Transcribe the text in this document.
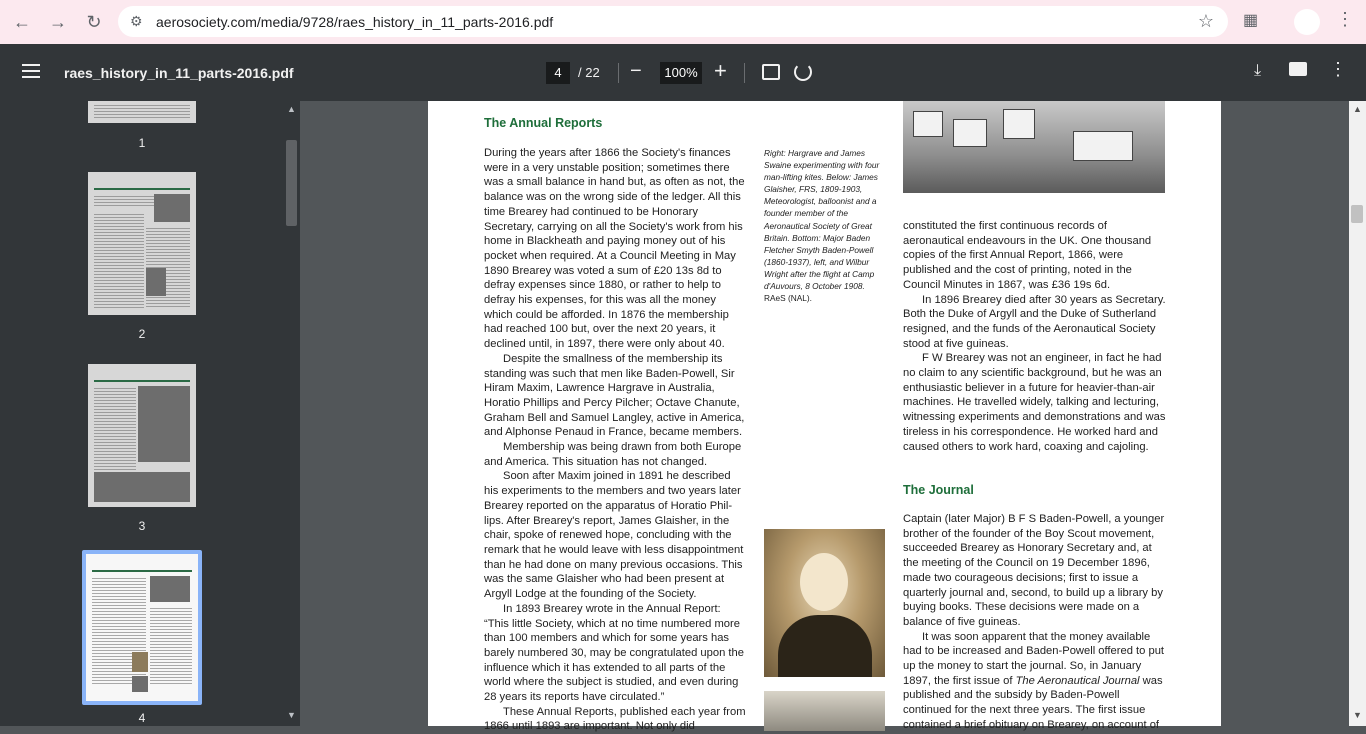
←	→	↻	⚙ aerosociety.com/media/9728/raes_history_in_11_parts-2016.pdf	☆ ▦	⋮
raes_history_in_11_parts-2016.pdf	4	/ 22 −	100% +	⤓	⋮
1
2
3
4
▲
▼
The Annual Reports

During the years after 1866 the Society's finances were in a very unstable position; sometimes there was a small balance in hand but, as often as not, the balance was on the wrong side of the ledger. All this time Brearey had continued to be Honorary Secretary, carrying on all the Society's work from his home in Blackheath and paying money out of his pocket when required. At a Council Meeting in May 1890 Brearey was voted a sum of £20 13s 8d to defray expenses since 1880, or rather to help to defray his expenses, for this was all the money which could be afforded. In 1876 the membership had reached 100 but, over the next 20 years, it declined until, in 1897, there were only about 40.

Despite the smallness of the membership its standing was such that men like Baden-Powell, Sir Hiram Maxim, Lawrence Hargrave in Australia, Horatio Phillips and Percy Pilcher; Octave Chanute, Graham Bell and Samuel Langley, active in America, and Alphonse Penaud in France, became members.

Membership was being drawn from both Europe and America. This situation has not changed.

Soon after Maxim joined in 1891 he described his experiments to the members and two years later Brearey reported on the apparatus of Horatio Phil-lips. After Brearey's report, James Glaisher, in the chair, spoke of renewed hope, concluding with the remark that he would leave with less disappointment than he had done on many previous occasions. This was the same Glaisher who had been present at Argyll Lodge at the founding of the Society.

In 1893 Brearey wrote in the Annual Report: “This little Society, which at no time numbered more than 100 members and which for some years has barely numbered 30, may be congratulated upon the influence which it has extended to all parts of the world where the subject is studied, and even during 28 years its reports have circulated.”

These Annual Reports, published each year from 1866 until 1893 are important. Not only did

Right: Hargrave and James Swaine experimenting with four man-lifting kites. Below: James Glaisher, FRS, 1809-1903, Meteorologist, balloonist and a founder member of the Aeronautical Society of Great Britain. Bottom: Major Baden Fletcher Smyth Baden-Powell (1860-1937), left, and Wilbur Wright after the flight at Camp d'Auvours, 8 October 1908. RAeS (NAL).

constituted the first continuous records of aeronautical endeavours in the UK. One thousand copies of the first Annual Report, 1866, were published and the cost of printing, noted in the Council Minutes in 1867, was £36 19s 6d.

In 1896 Brearey died after 30 years as Secretary. Both the Duke of Argyll and the Duke of Sutherland resigned, and the funds of the Aeronautical Society stood at five guineas.

F W Brearey was not an engineer, in fact he had no claim to any scientific background, but he was an enthusiastic believer in a future for heavier-than-air machines. He travelled widely, talking and lecturing, witnessing experiments and demonstrations and was tireless in his correspondence. He worked hard and caused others to work hard, coaxing and cajoling.

The Journal

Captain (later Major) B F S Baden-Powell, a younger brother of the founder of the Boy Scout movement, succeeded Brearey as Honorary Secretary and, at the meeting of the Council on 19 December 1896, made two courageous decisions; first to issue a quarterly journal and, second, to build up a library by buying books. These decisions were made on a balance of five guineas.

It was soon apparent that the money available had to be increased and Baden-Powell offered to put up the money to start the journal. So, in January 1897, the first issue of The Aeronautical Journal was published and the subsidy by Baden-Powell continued for the next three years. The first issue contained a brief obituary on Brearey, on account of

▲
▼
